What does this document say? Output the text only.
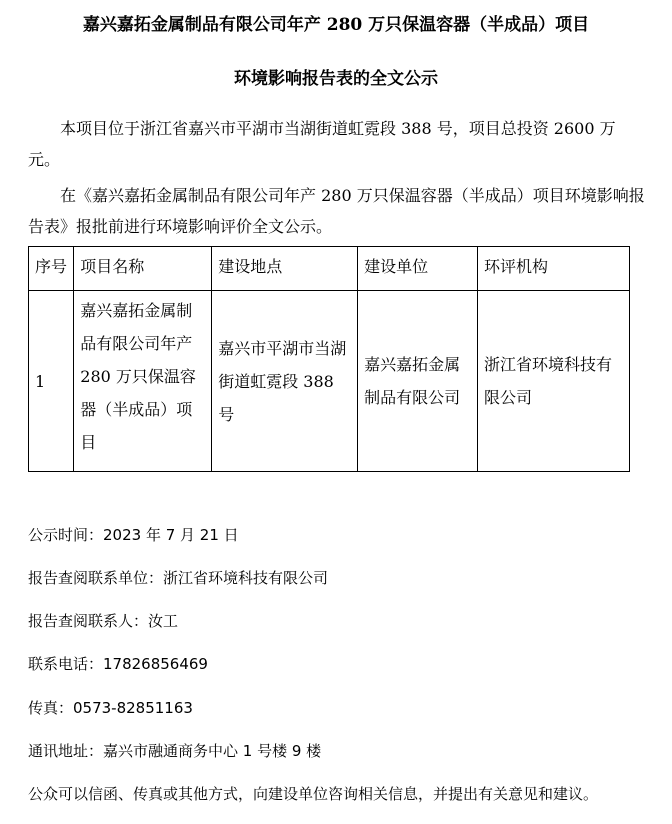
嘉兴嘉拓金属制品有限公司年产 280 万只保温容器（半成品）项目
环境影响报告表的全文公示

本项目位于浙江省嘉兴市平湖市当湖街道虹霓段 388 号，项目总投资 2600 万元。

在《嘉兴嘉拓金属制品有限公司年产 280 万只保温容器（半成品）项目环境影响报告表》报批前进行环境影响评价全文公示。

序号	项目名称	建设地点	建设单位	环评机构
1	嘉兴嘉拓金属制品有限公司年产 280 万只保温容器（半成品）项目	嘉兴市平湖市当湖街道虹霓段 388 号	嘉兴嘉拓金属制品有限公司	浙江省环境科技有限公司
公示时间：2023 年 7 月 21 日
报告查阅联系单位：浙江省环境科技有限公司
报告查阅联系人：汝工
联系电话：17826856469
传真：0573-82851163
通讯地址：嘉兴市融通商务中心 1 号楼 9 楼
公众可以信函、传真或其他方式，向建设单位咨询相关信息，并提出有关意见和建议。
